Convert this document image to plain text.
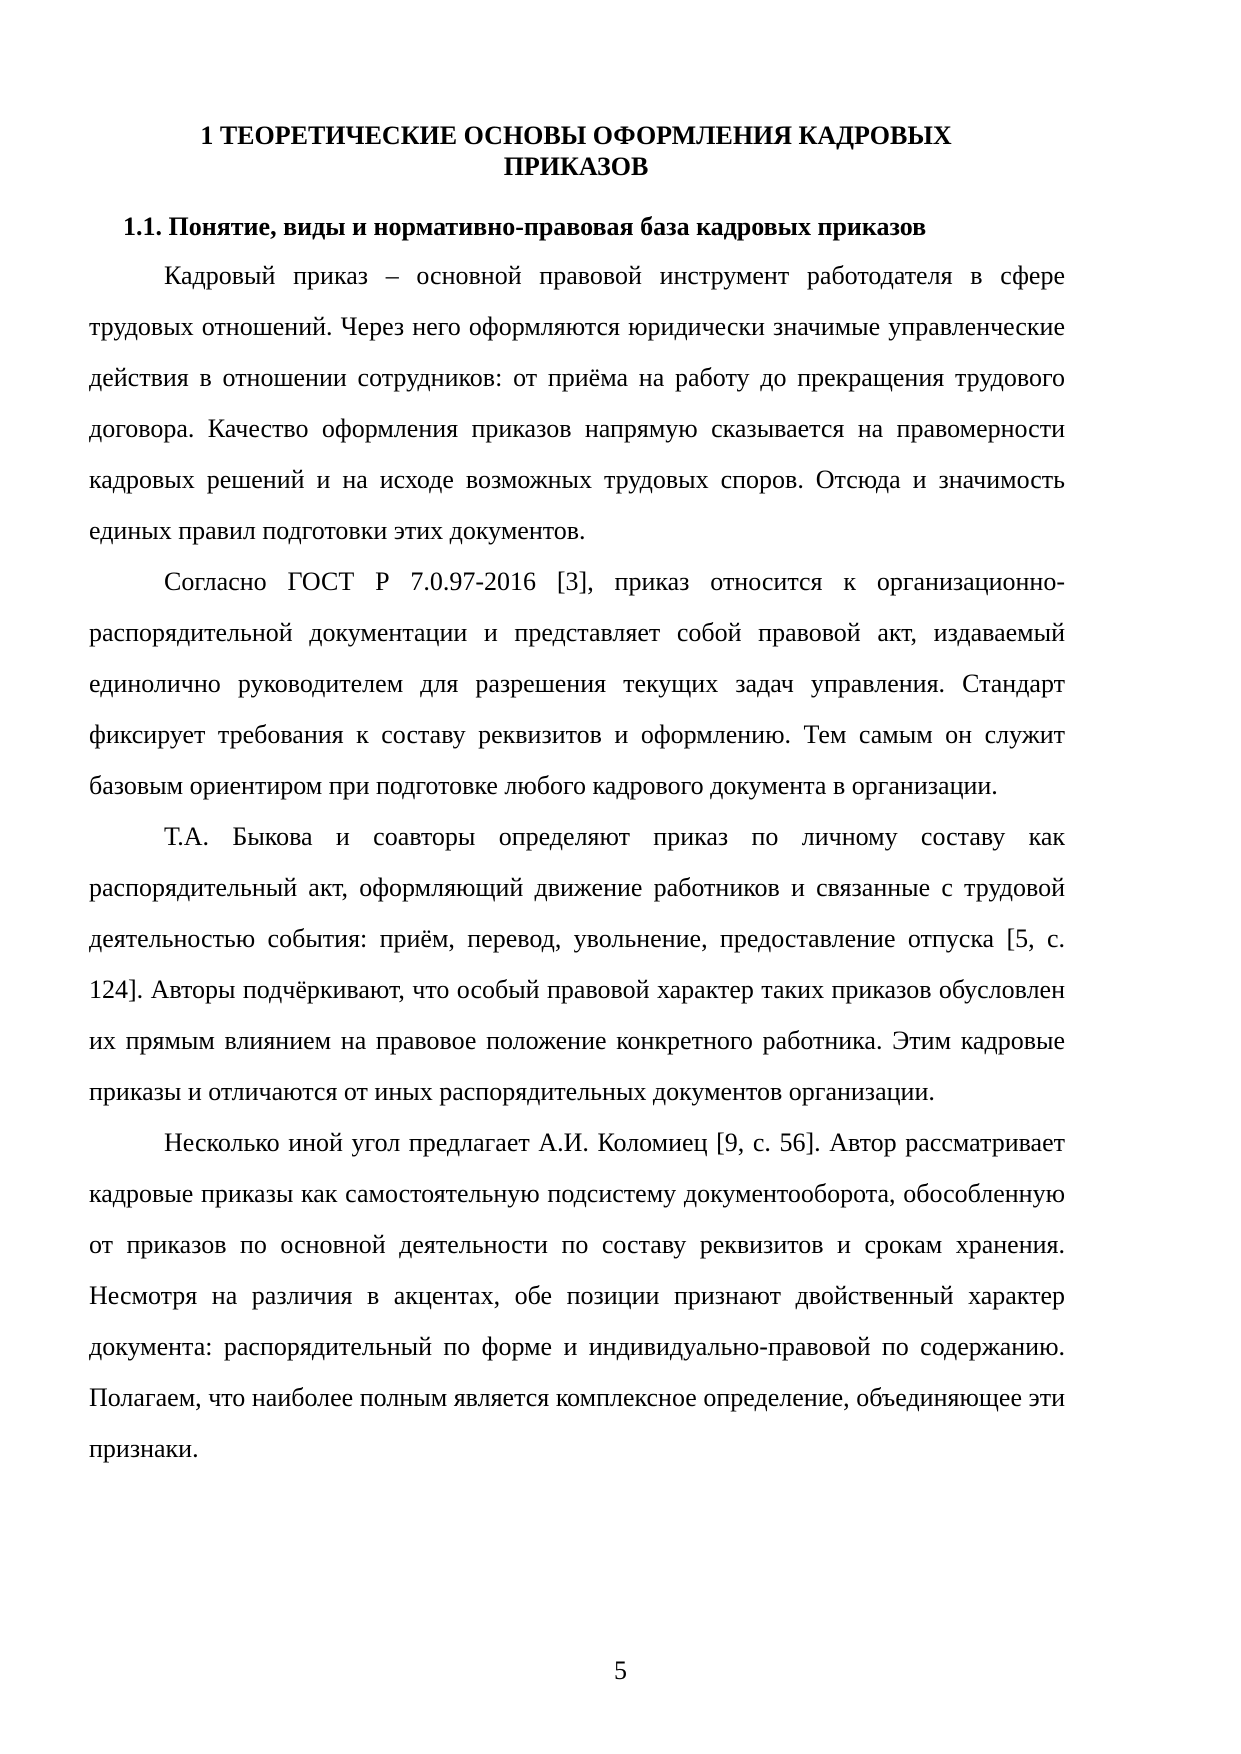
1 ТЕОРЕТИЧЕСКИЕ ОСНОВЫ ОФОРМЛЕНИЯ КАДРОВЫХ
ПРИКАЗОВ
1.1. Понятие, виды и нормативно-правовая база кадровых приказов

Кадровый приказ – основной правовой инструмент работодателя в сфере трудовых отношений. Через него оформляются юридически значимые управленческие действия в отношении сотрудников: от приёма на работу до прекращения трудового договора. Качество оформления приказов напрямую сказывается на правомерности кадровых решений и на исходе возможных трудовых споров. Отсюда и значимость единых правил подготовки этих документов.

Согласно ГОСТ Р 7.0.97-2016 [3], приказ относится к организационно-распорядительной документации и представляет собой правовой акт, издаваемый единолично руководителем для разрешения текущих задач управления. Стандарт фиксирует требования к составу реквизитов и оформлению. Тем самым он служит базовым ориентиром при подготовке любого кадрового документа в организации.

Т.А. Быкова и соавторы определяют приказ по личному составу как распорядительный акт, оформляющий движение работников и связанные с трудовой деятельностью события: приём, перевод, увольнение, предоставление отпуска [5, с. 124]. Авторы подчёркивают, что особый правовой характер таких приказов обусловлен их прямым влиянием на правовое положение конкретного работника. Этим кадровые приказы и отличаются от иных распорядительных документов организации.

Несколько иной угол предлагает А.И. Коломиец [9, с. 56]. Автор рассматривает кадровые приказы как самостоятельную подсистему документооборота, обособленную от приказов по основной деятельности по составу реквизитов и срокам хранения. Несмотря на различия в акцентах, обе позиции признают двойственный характер документа: распорядительный по форме и индивидуально-правовой по содержанию. Полагаем, что наиболее полным является комплексное определение, объединяющее эти признаки.

5
